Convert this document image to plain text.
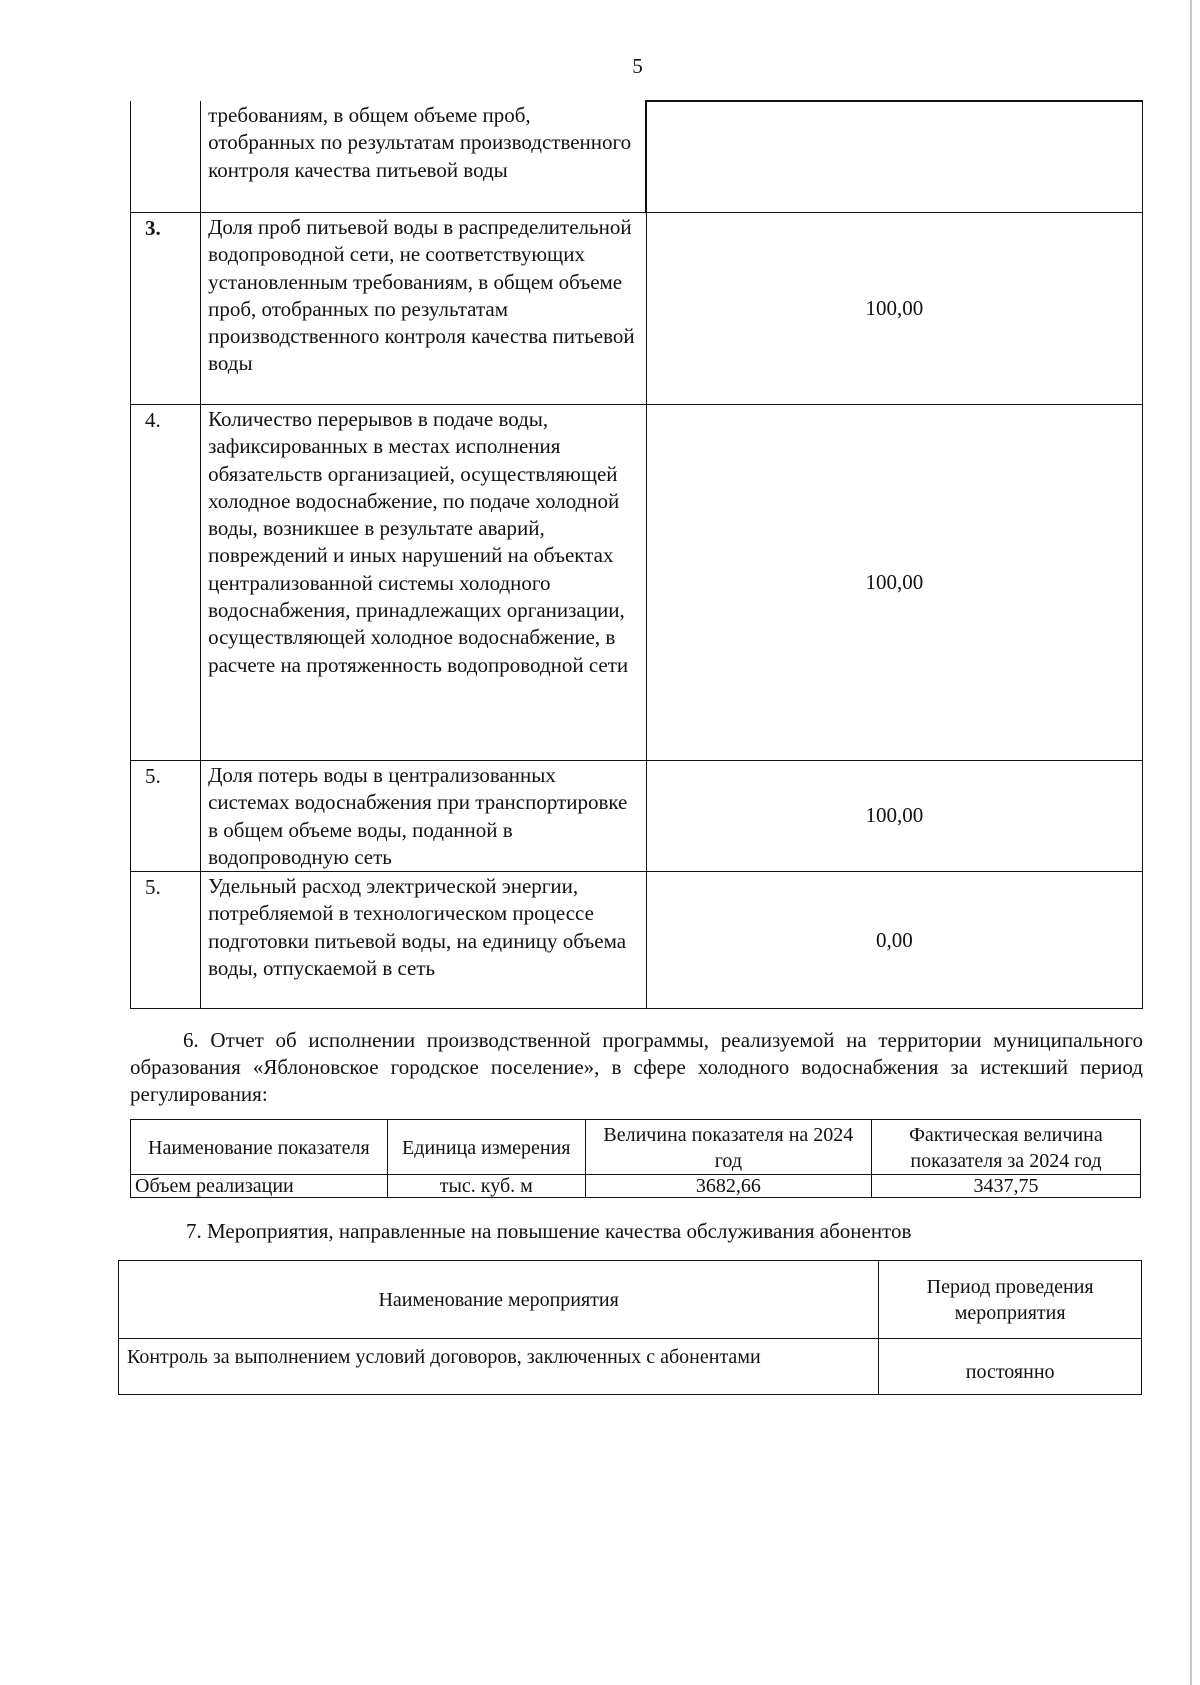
5
	требованиям, в общем объеме проб, отобранных по результатам производственного контроля качества питьевой воды	
3.	Доля проб питьевой воды в распределительной водопроводной сети, не соответствующих установленным требованиям, в общем объеме проб, отобранных по результатам производственного контроля качества питьевой воды	100,00
4.	Количество перерывов в подаче воды, зафиксированных в местах исполнения обязательств организацией, осуществляющей холодное водоснабжение, по подаче холодной воды, возникшее в результате аварий, повреждений и иных нарушений на объектах централизованной системы холодного водоснабжения, принадлежащих организации, осуществляющей холодное водоснабжение, в расчете на протяженность водопроводной сети	100,00
5.	Доля потерь воды в централизованных системах водоснабжения при транспортировке в общем объеме воды, поданной в водопроводную сеть	100,00
5.	Удельный расход электрической энергии, потребляемой в технологическом процессе подготовки питьевой воды, на единицу объема воды, отпускаемой в сеть	0,00
6. Отчет об исполнении производственной программы, реализуемой на территории муниципального образования «Яблоновское городское поселение», в сфере холодного водоснабжения за истекший период регулирования:
Наименование показателя	Единица измерения	Величина показателя на 2024 год	Фактическая величина показателя за 2024 год
Объем реализации	тыс. куб. м	3682,66	3437,75
7. Мероприятия, направленные на повышение качества обслуживания абонентов
Наименование мероприятия	Период проведения мероприятия
Контроль за выполнением условий договоров, заключенных с абонентами	постоянно
